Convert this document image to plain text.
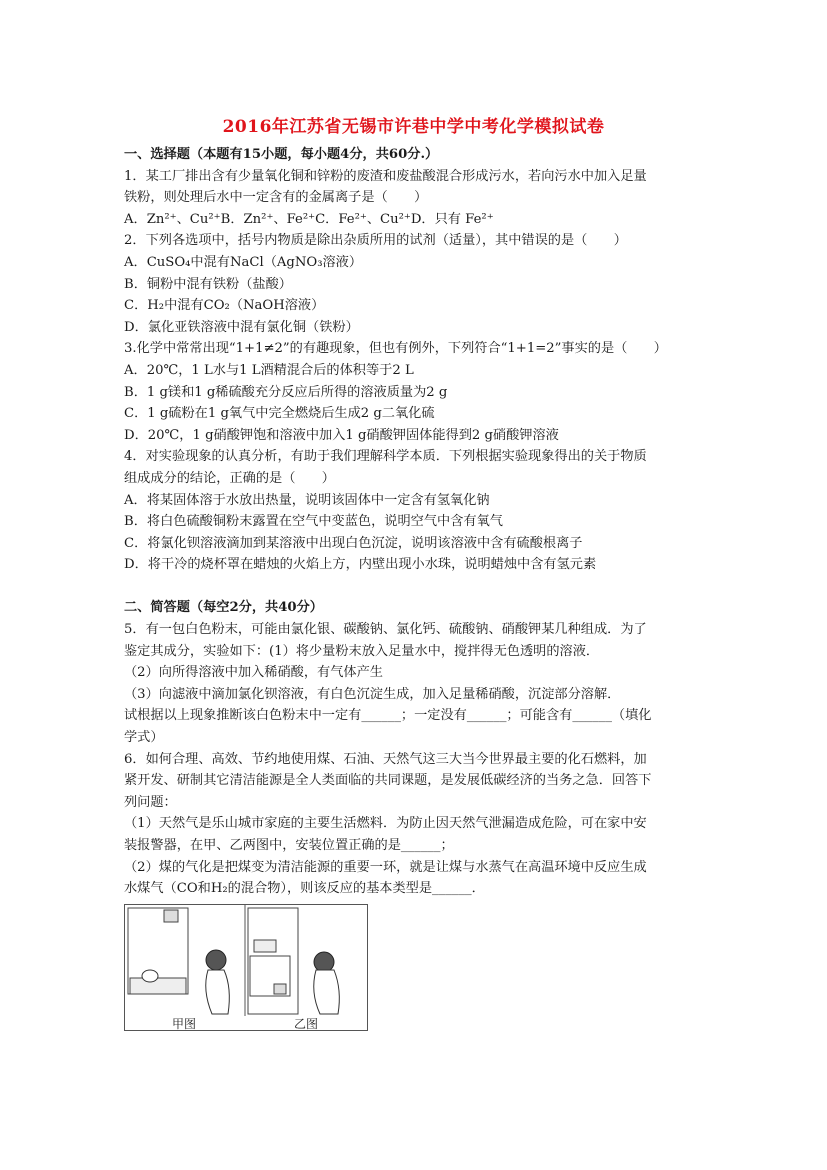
2016年江苏省无锡市许巷中学中考化学模拟试卷
一、选择题（本题有15小题，每小题4分，共60分.）
1．某工厂排出含有少量氧化铜和锌粉的废渣和废盐酸混合形成污水，若向污水中加入足量
铁粉，则处理后水中一定含有的金属离子是（　　）
A．Zn²⁺、Cu²⁺B．Zn²⁺、Fe²⁺C．Fe²⁺、Cu²⁺D．只有 Fe²⁺
2．下列各选项中，括号内物质是除出杂质所用的试剂（适量），其中错误的是（　　）
A．CuSO₄中混有NaCl（AgNO₃溶液）
B．铜粉中混有铁粉（盐酸）
C．H₂中混有CO₂（NaOH溶液）
D．氯化亚铁溶液中混有氯化铜（铁粉）
3.化学中常常出现“1+1≠2”的有趣现象，但也有例外，下列符合“1+1=2”事实的是（　　）
A．20℃，1 L水与1 L酒精混合后的体积等于2 L
B．1 g镁和1 g稀硫酸充分反应后所得的溶液质量为2 g
C．1 g硫粉在1 g氧气中完全燃烧后生成2 g二氧化硫
D．20℃，1 g硝酸钾饱和溶液中加入1 g硝酸钾固体能得到2 g硝酸钾溶液
4．对实验现象的认真分析，有助于我们理解科学本质．下列根据实验现象得出的关于物质
组成成分的结论，正确的是（　　）
A．将某固体溶于水放出热量，说明该固体中一定含有氢氧化钠
B．将白色硫酸铜粉末露置在空气中变蓝色，说明空气中含有氧气
C．将氯化钡溶液滴加到某溶液中出现白色沉淀，说明该溶液中含有硫酸根离子
D．将干冷的烧杯罩在蜡烛的火焰上方，内壁出现小水珠，说明蜡烛中含有氢元素
二、简答题（每空2分，共40分）
5．有一包白色粉末，可能由氯化银、碳酸钠、氯化钙、硫酸钠、硝酸钾某几种组成．为了
鉴定其成分，实验如下：(1）将少量粉末放入足量水中，搅拌得无色透明的溶液．
（2）向所得溶液中加入稀硝酸，有气体产生
（3）向滤液中滴加氯化钡溶液，有白色沉淀生成，加入足量稀硝酸，沉淀部分溶解．
试根据以上现象推断该白色粉末中一定有______；一定没有______；可能含有______（填化
学式）
6．如何合理、高效、节约地使用煤、石油、天然气这三大当今世界最主要的化石燃料，加
紧开发、研制其它清洁能源是全人类面临的共同课题，是发展低碳经济的当务之急．回答下
列问题：
（1）天然气是乐山城市家庭的主要生活燃料．为防止因天然气泄漏造成危险，可在家中安
装报警器，在甲、乙两图中，安装位置正确的是______；
（2）煤的气化是把煤变为清洁能源的重要一环，就是让煤与水蒸气在高温环境中反应生成
水煤气（CO和H₂的混合物），则该反应的基本类型是______．
甲图	乙图
